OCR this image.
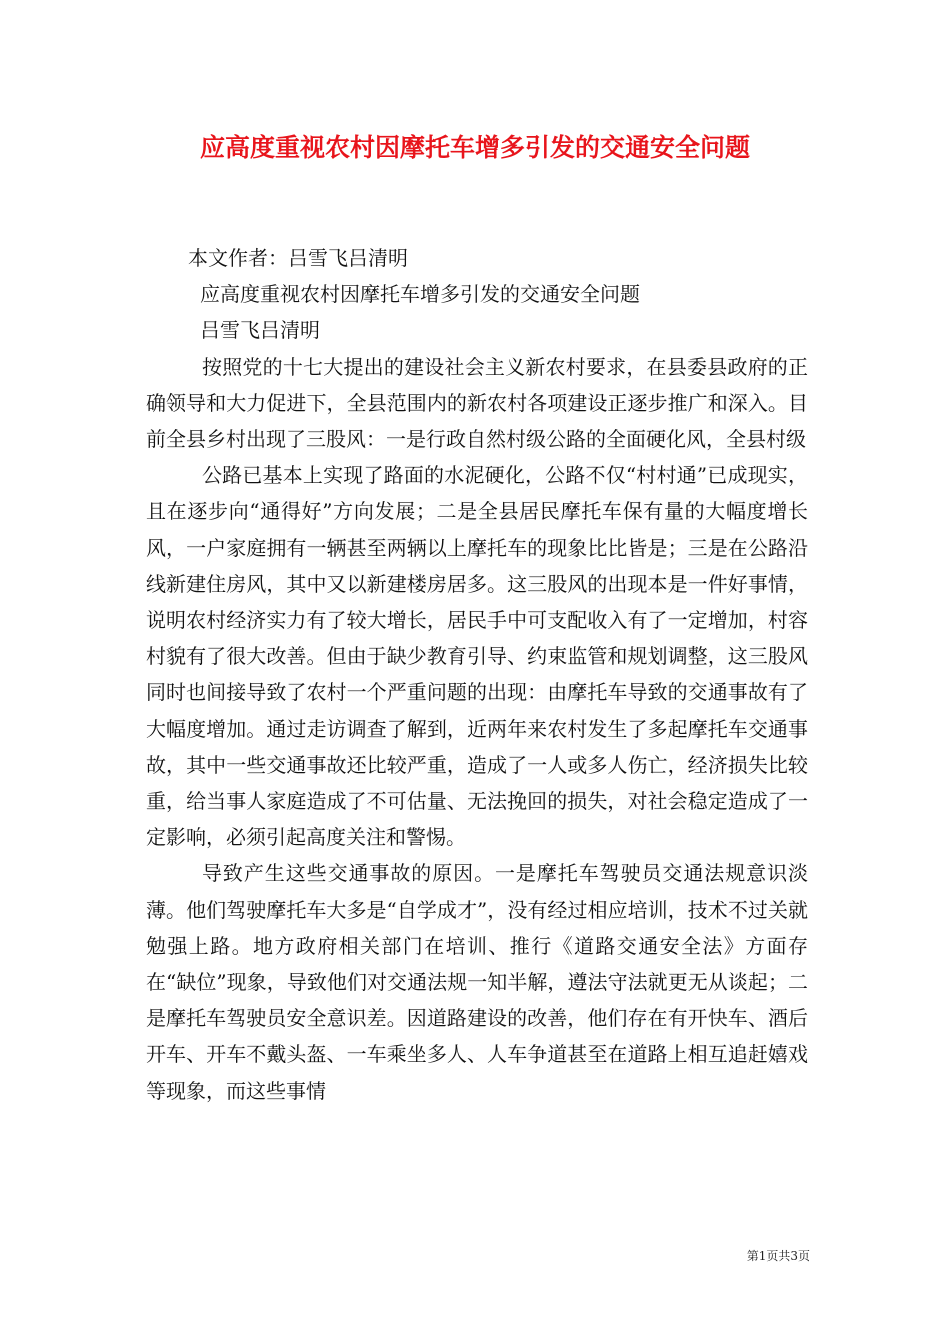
应高度重视农村因摩托车增多引发的交通安全问题

本文作者：吕雪飞吕清明

应高度重视农村因摩托车增多引发的交通安全问题

吕雪飞吕清明

按照党的十七大提出的建设社会主义新农村要求，在县委县政府的正确领导和大力促进下，全县范围内的新农村各项建设正逐步推广和深入。目前全县乡村出现了三股风：一是行政自然村级公路的全面硬化风，全县村级

公路已基本上实现了路面的水泥硬化，公路不仅“村村通”已成现实，且在逐步向“通得好”方向发展；二是全县居民摩托车保有量的大幅度增长风，一户家庭拥有一辆甚至两辆以上摩托车的现象比比皆是；三是在公路沿线新建住房风，其中又以新建楼房居多。这三股风的出现本是一件好事情，说明农村经济实力有了较大增长，居民手中可支配收入有了一定增加，村容村貌有了很大改善。但由于缺少教育引导、约束监管和规划调整，这三股风同时也间接导致了农村一个严重问题的出现：由摩托车导致的交通事故有了大幅度增加。通过走访调查了解到，近两年来农村发生了多起摩托车交通事故，其中一些交通事故还比较严重，造成了一人或多人伤亡，经济损失比较重，给当事人家庭造成了不可估量、无法挽回的损失，对社会稳定造成了一定影响，必须引起高度关注和警惕。

导致产生这些交通事故的原因。一是摩托车驾驶员交通法规意识淡薄。他们驾驶摩托车大多是“自学成才”，没有经过相应培训，技术不过关就勉强上路。地方政府相关部门在培训、推行《道路交通安全法》方面存在“缺位”现象，导致他们对交通法规一知半解，遵法守法就更无从谈起；二是摩托车驾驶员安全意识差。因道路建设的改善，他们存在有开快车、酒后开车、开车不戴头盔、一车乘坐多人、人车争道甚至在道路上相互追赶嬉戏等现象，而这些事情

第1页共3页
